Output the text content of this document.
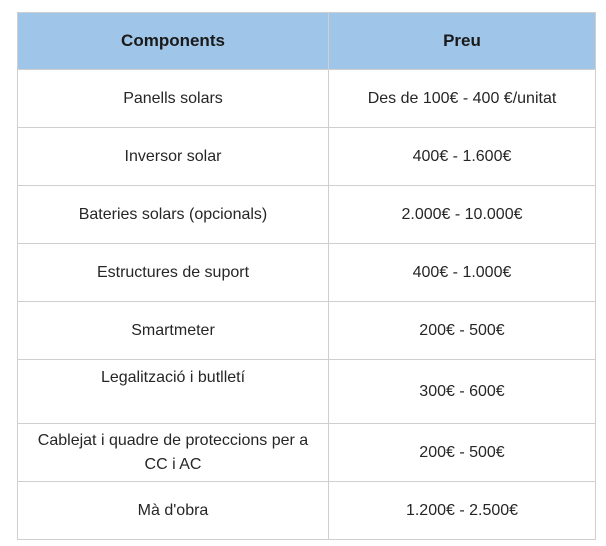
Components	Preu
Panells solars	Des de 100€ - 400 €/unitat
Inversor solar	400€ - 1.600€
Bateries solars (opcionals)	2.000€ - 10.000€
Estructures de suport	400€ - 1.000€
Smartmeter	200€ - 500€
Legalització i butlletí	300€ - 600€
Cablejat i quadre de proteccions per a CC i AC	200€ - 500€
Mà d'obra	1.200€ - 2.500€
